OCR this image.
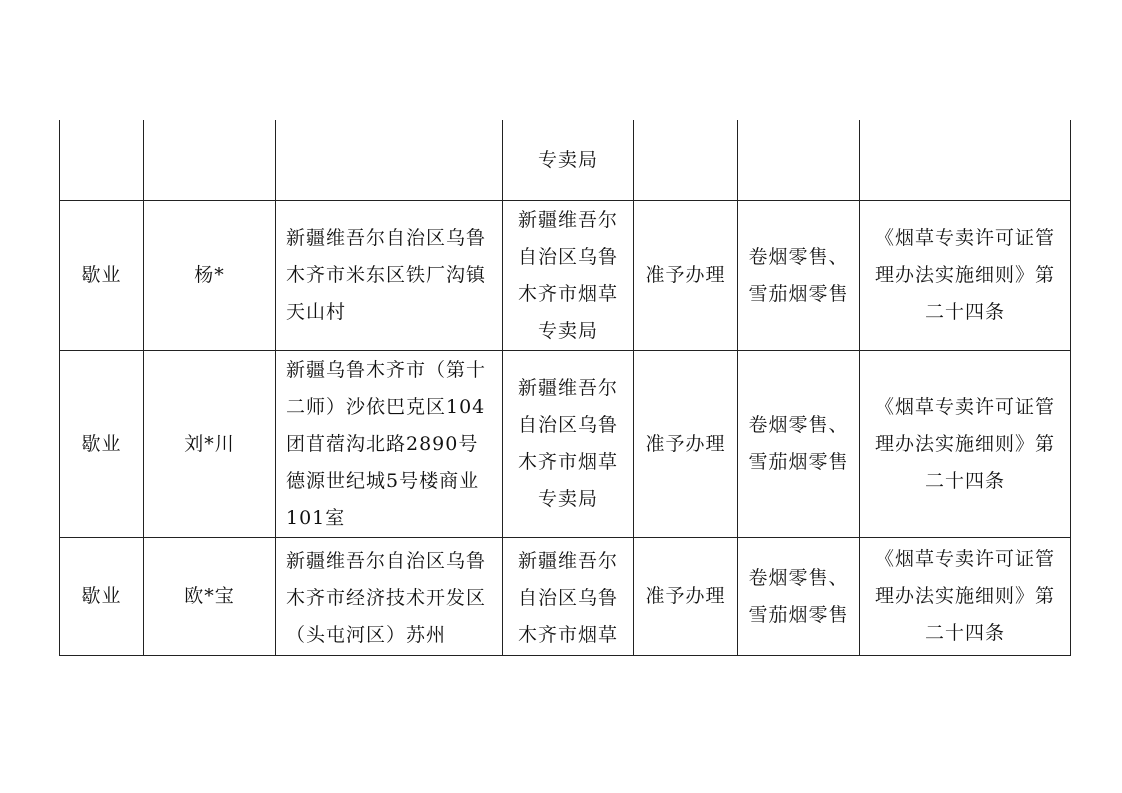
			专卖局			
歇业	杨*	新疆维吾尔自治区乌鲁木齐市米东区铁厂沟镇天山村	新疆维吾尔自治区乌鲁木齐市烟草专卖局	准予办理	卷烟零售、雪茄烟零售	《烟草专卖许可证管理办法实施细则》第二十四条
歇业	刘*川	新疆乌鲁木齐市（第十二师）沙依巴克区104团苜蓿沟北路2890号德源世纪城5号楼商业101室	新疆维吾尔自治区乌鲁木齐市烟草专卖局	准予办理	卷烟零售、雪茄烟零售	《烟草专卖许可证管理办法实施细则》第二十四条
歇业	欧*宝	新疆维吾尔自治区乌鲁木齐市经济技术开发区（头屯河区）苏州	新疆维吾尔自治区乌鲁木齐市烟草	准予办理	卷烟零售、雪茄烟零售	《烟草专卖许可证管理办法实施细则》第二十四条
